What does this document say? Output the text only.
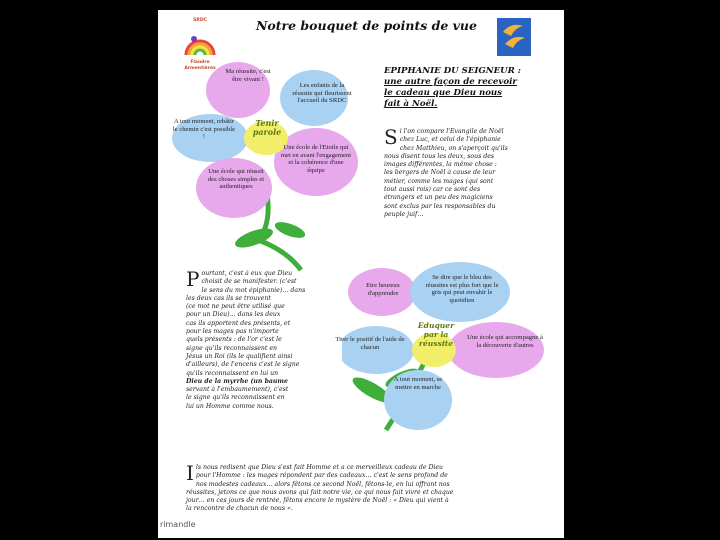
SRDC
Flandre
Armentières
Notre bouquet de points de vue
Ma réussite, c'est être vivant !
Les enfants de la réussite qui fleurissent l'accueil du SRDC
A tout moment, rebâtir le chemin c'est possible !
Une école de l'Etoile qui met en avant l'engagement et la cohérence d'une équipe
Une école qui réussit des choses simples et authentiques
Tenir parole
EPIPHANIE DU SEIGNEUR :
une autre façon de recevoir
le cadeau que Dieu nous
fait à Noël.
S i l'on compare l'Evangile de Noël
chez Luc, et celui de l'épiphanie
chez Matthieu, on s'aperçoit qu'ils
nous disent tous les deux, sous des
images différentes, la même chose :
les bergers de Noël à cause de leur
métier, comme les mages (qui sont
tout aussi rois) car ce sont des
étrangers et un peu des magiciens
sont exclus par les responsables du
peuple juif…
Etre heureux d'apprendre
Se dire que le bleu des réussites est plus fort que le gris qui peut envahir le quotidien
Tirer le positif de l'aide de chacun
Une école qui accompagne à la découverte d'autres
A tout moment, se mettre en marche
Eduquer par la réussite
P ourtant, c'est à eux que Dieu
choisit de se manifester. (c'est
le sens du mot épiphanie)… dans
les deux cas ils se trouvent
(ce mot ne peut être utilisé que
pour un Dieu)… dans les deux
cas ils apportent des présents, et
pour les mages pas n'importe
quels présents : de l'or c'est le
signe qu'ils reconnaissent en
Jésus un Roi (ils le qualifient ainsi
d'ailleurs), de l'encens c'est le signe
qu'ils reconnaissent en lui un
Dieu de la myrrhe (un baume
servant à l'embaumement), c'est
le signe qu'ils reconnaissent en
lui un Homme comme nous.
I ls nous redisent que Dieu s'est fait Homme et a ce merveilleux cadeau de Dieu
pour l'Homme : les mages répondent par des cadeaux… c'est le sens profond de
nos modestes cadeaux… alors fêtons ce second Noël, fêtons-le, en lui offrant nos
réussites, jetons ce que nous avons qui fait notre vie, ce qui nous fait vivre et chaque
jour… en ces jours de rentrée, fêtons encore le mystère de Noël : « Dieu qui vient à
la rencontre de chacun de nous ».
rimandle
